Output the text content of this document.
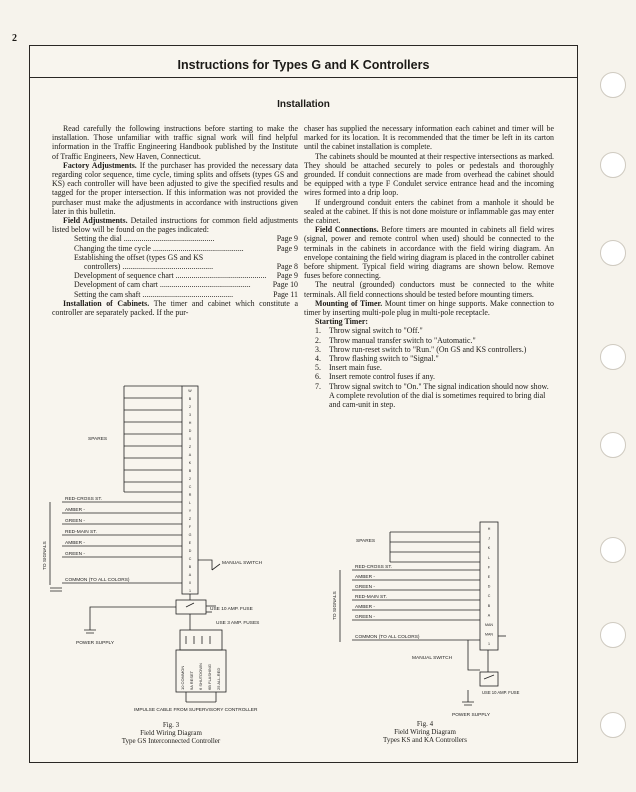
2
Instructions for Types G and K Controllers
Installation

Read carefully the following instructions before starting to make the installation. Those unfamiliar with traffic signal work will find helpful information in the Traffic Engineering Handbook published by the Institute of Traffic Engineers, New Haven, Connecticut.

Factory Adjustments. If the purchaser has provided the necessary data regarding color sequence, time cycle, timing splits and offsets (types GS and KS) each controller will have been adjusted to give the specified results and tagged for the proper intersection. If this information was not provided the purchaser must make the adjustments in accordance with instructions given later in this bulletin.

Field Adjustments. Detailed instructions for common field adjustments listed below will be found on the pages indicated:

Setting the dial .....	Page 9
Changing the time cycle .....	Page 9
Establishing the offset (types GS and KS
controllers) .....	Page 8
Development of sequence chart .....	Page 9
Development of cam chart .....	Page 10
Setting the cam shaft .....	Page 11

Installation of Cabinets. The timer and cabinet which constitute a controller are separately packed. If the pur-

chaser has supplied the necessary information each cabinet and timer will be marked for its location. It is recommended that the timer be left in its carton until the cabinet installation is complete.

The cabinets should be mounted at their respective intersections as marked. They should be attached securely to poles or pedestals and thoroughly grounded. If conduit connections are made from overhead the cabinet should be equipped with a type F Condulet service entrance head and the incoming wires formed into a drip loop.

If underground conduit enters the cabinet from a manhole it should be sealed at the cabinet. If this is not done moisture or inflammable gas may enter the cabinet.

Field Connections. Before timers are mounted in cabinets all field wires (signal, power and remote control when used) should be connected to the terminals in the cabinets in accordance with the field wiring diagram. An envelope containing the field wiring diagram is placed in the controller cabinet before shipment. Typical field wiring diagrams are shown below. Remove fuses before connecting.

The neutral (grounded) conductors must be connected to the white terminals. All field connections should be tested before mounting timers.

Mounting of Timer. Mount timer on hinge supports. Make connection to timer by inserting multi-pole plug in multi-pole receptacle.

Starting Timer:

1.	Throw signal switch to "Off."
2.	Throw manual transfer switch to "Automatic."
3.	Throw run-reset switch to "Run." (On GS and KS controllers.)
4.	Throw flashing switch to "Signal."
5.	Insert main fuse.
6.	Insert remote control fuses if any.
7.	Throw signal switch to "On." The signal indication should now show. A complete revolution of the dial is sometimes required to bring dial and cam-unit in step.
SPARES
RED-CROSS ST.
AMBER -
GREEN -
RED-MAIN ST.
AMBER -
GREEN -
COMMON (TO ALL COLORS)
TO SIGNALS	MANUAL SWITCH
USE 10 AMP. FUSE
USE 3 AMP. FUSES
POWER SUPPLY
IMPULSE CABLE FROM SUPERVISORY CONTROLLER
W
B
2
3
H
D
X
Z
A
K
B
2
C
R
L
Y
Z
F
G
E
D
C
B
A
0
1
10 COMMON 9A RESET 6 SHUTDOWN 6B FLASHING 25 ALL-RED
Fig. 3
Field Wiring Diagram
Type GS Interconnected Controller
SPARES
RED-CROSS ST.
AMBER -
GREEN -
RED-MAIN ST.
AMBER -
GREEN -
COMMON (TO ALL COLORS)
TO SIGNALS
MANUAL SWITCH
USE 10 AMP. FUSE
POWER SUPPLY
H
J
K
L
F
E
D
C
B
A
MAN
MAN
1
Fig. 4
Field Wiring Diagram
Types KS and KA Controllers
